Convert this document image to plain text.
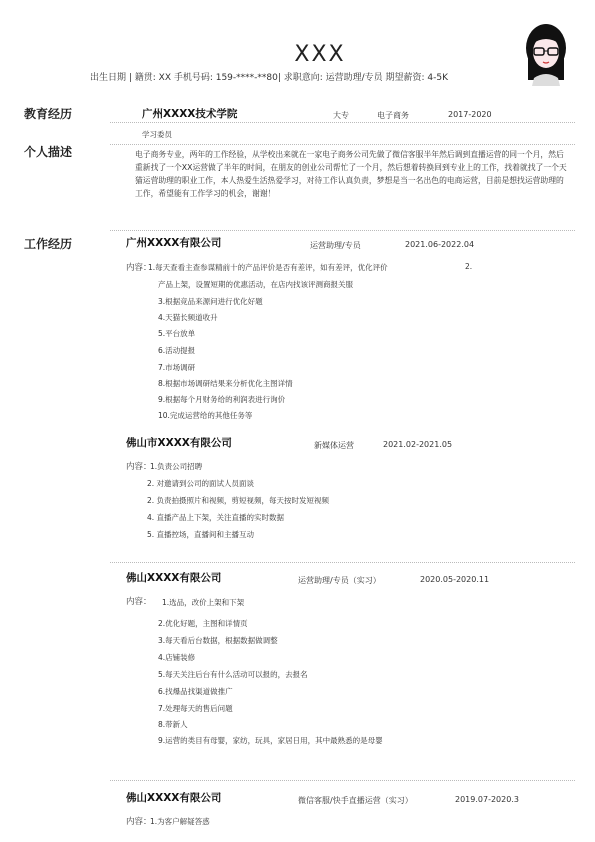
XXX
出生日期 | 籍贯: XX 手机号码: 159-****-**80| 求职意向: 运营助理/专员 期望薪资: 4-5K
教育经历	广州XXXX技术学院	大专	电子商务	2017-2020
学习委员
个人描述	电子商务专业，两年的工作经验，从学校出来就在一家电子商务公司先做了微信客服半年然后调到直播运营的同一个月，然后重新找了一个XX运营做了半年的时间，在朋友的创业公司帮忙了一个月，然后想着转换回到专业上的工作，找着就找了一个天猫运营助理的职业工作，本人热爱生活热爱学习，对待工作认真负责，梦想是当一名出色的电商运营，目前是想找运营助理的工作，希望能有工作学习的机会，谢谢！
工作经历	广州XXXX有限公司	运营助理/专员	2021.06-2022.04
内容：
1.每天查看主查参谋精前十的产品评价是否有差评，如有差评，优化评价	2.
产品上架，设置短期的优惠活动，在店内找该评测商报关服
3.根据竞品来源问进行优化好题
4.天猫长频道收升
5.平台放单
6.活动提报
7.市场调研
8.根据市场调研结果来分析优化主图详情
9.根据每个月财务给的利润表进行询价
10.完成运营给的其他任务等
佛山市XXXX有限公司	新媒体运营	2021.02-2021.05
内容：
1.负责公司招聘
2. 对邀请到公司的面试人员面谈
2. 负责拍摄照片和视频，剪短视频，每天按时发短视频
4. 直播产品上下架，关注直播的实时数据
5. 直播控场，直播间和主播互动
佛山XXXX有限公司	运营助理/专员（实习）	2020.05-2020.11
内容： 1.选品，改价上架和下架
2.优化好题，主图和详情页
3.每天看后台数据，根据数据做调整
4.店铺装修
5.每天关注后台有什么活动可以报的，去报名
6.找爆品找渠道做推广
7.处理每天的售后问题
8.带新人
9.运营的类目有母婴，家纺，玩具，家居日用，其中最熟悉的是母婴
佛山XXXX有限公司	微信客服/快手直播运营（实习）	2019.07-2020.3
内容：
1.为客户解疑答惑
